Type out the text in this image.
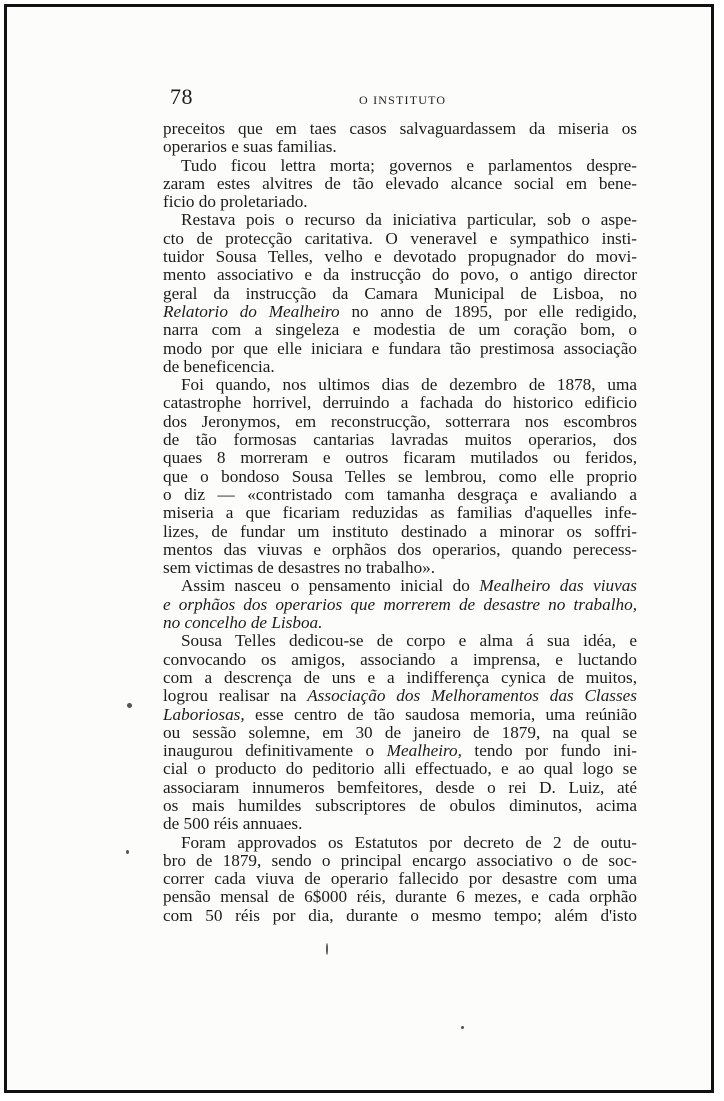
78	O INSTITUTO
preceitos que em taes casos salvaguardassem da miseria os
operarios e suas familias.
Tudo ficou lettra morta; governos e parlamentos despre-
zaram estes alvitres de tão elevado alcance social em bene-
ficio do proletariado.
Restava pois o recurso da iniciativa particular, sob o aspe-
cto de protecção caritativa. O veneravel e sympathico insti-
tuidor Sousa Telles, velho e devotado propugnador do movi-
mento associativo e da instrucção do povo, o antigo director
geral da instrucção da Camara Municipal de Lisboa, no
Relatorio do Mealheiro no anno de 1895, por elle redigido,
narra com a singeleza e modestia de um coração bom, o
modo por que elle iniciara e fundara tão prestimosa associação
de beneficencia.
Foi quando, nos ultimos dias de dezembro de 1878, uma
catastrophe horrivel, derruindo a fachada do historico edificio
dos Jeronymos, em reconstrucção, sotterrara nos escombros
de tão formosas cantarias lavradas muitos operarios, dos
quaes 8 morreram e outros ficaram mutilados ou feridos,
que o bondoso Sousa Telles se lembrou, como elle proprio
o diz — «contristado com tamanha desgraça e avaliando a
miseria a que ficariam reduzidas as familias d'aquelles infe-
lizes, de fundar um instituto destinado a minorar os soffri-
mentos das viuvas e orphãos dos operarios, quando perecess-
sem victimas de desastres no trabalho».
Assim nasceu o pensamento inicial do Mealheiro das viuvas
e orphãos dos operarios que morrerem de desastre no trabalho,
no concelho de Lisboa.
Sousa Telles dedicou-se de corpo e alma á sua idéa, e
convocando os amigos, associando a imprensa, e luctando
com a descrença de uns e a indifferença cynica de muitos,
logrou realisar na Associação dos Melhoramentos das Classes
Laboriosas, esse centro de tão saudosa memoria, uma reúnião
ou sessão solemne, em 30 de janeiro de 1879, na qual se
inaugurou definitivamente o Mealheiro, tendo por fundo ini-
cial o producto do peditorio alli effectuado, e ao qual logo se
associaram innumeros bemfeitores, desde o rei D. Luiz, até
os mais humildes subscriptores de obulos diminutos, acima
de 500 réis annuaes.
Foram approvados os Estatutos por decreto de 2 de outu-
bro de 1879, sendo o principal encargo associativo o de soc-
correr cada viuva de operario fallecido por desastre com uma
pensão mensal de 6$000 réis, durante 6 mezes, e cada orphão
com 50 réis por dia, durante o mesmo tempo; além d'isto
